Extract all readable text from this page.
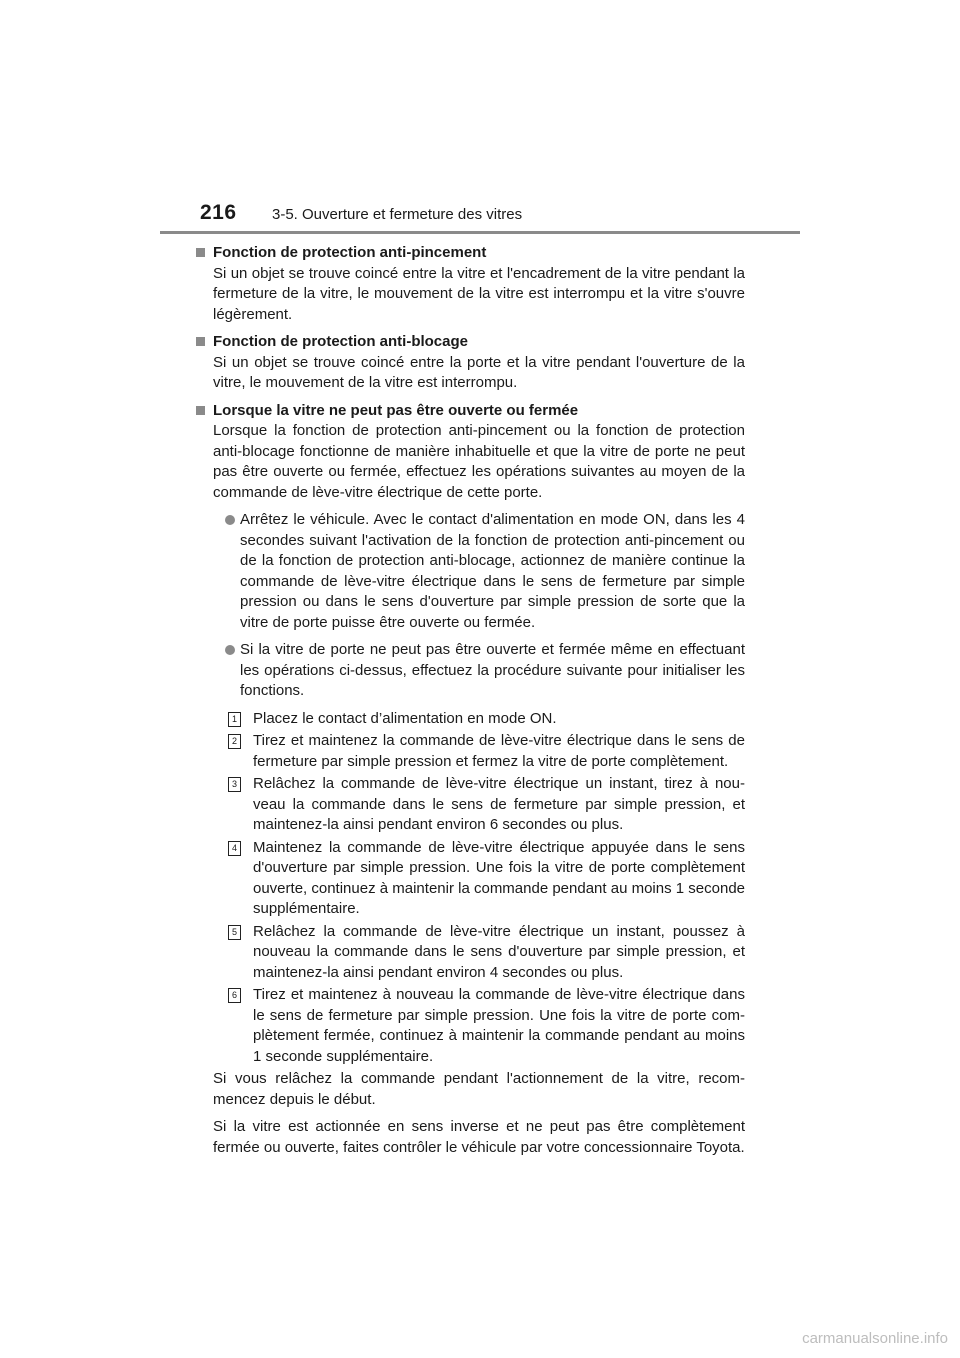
216 3-5. Ouverture et fermeture des vitres
Fonction de protection anti-pincement

Si un objet se trouve coincé entre la vitre et l'encadrement de la vitre pendant la fermeture de la vitre, le mouvement de la vitre est interrompu et la vitre s'ouvre légèrement.

Fonction de protection anti-blocage

Si un objet se trouve coincé entre la porte et la vitre pendant l'ouverture de la vitre, le mouvement de la vitre est interrompu.

Lorsque la vitre ne peut pas être ouverte ou fermée

Lorsque la fonction de protection anti-pincement ou la fonction de protection anti-blocage fonctionne de manière inhabituelle et que la vitre de porte ne peut pas être ouverte ou fermée, effectuez les opérations suivantes au moyen de la commande de lève-vitre électrique de cette porte.

Arrêtez le véhicule. Avec le contact d'alimentation en mode ON, dans les 4 secondes suivant l'activation de la fonction de protection anti-pincement ou de la fonction de protection anti-blocage, actionnez de manière continue la commande de lève-vitre électrique dans le sens de fermeture par simple pression ou dans le sens d'ouverture par simple pression de sorte que la vitre de porte puisse être ouverte ou fermée.
Si la vitre de porte ne peut pas être ouverte et fermée même en effectuant les opérations ci-dessus, effectuez la procédure suivante pour initialiser les fonctions.
1 Placez le contact d’alimentation en mode ON.
2 Tirez et maintenez la commande de lève-vitre électrique dans le sens de fermeture par simple pression et fermez la vitre de porte complètement.
3 Relâchez la commande de lève-vitre électrique un instant, tirez à nou-veau la commande dans le sens de fermeture par simple pression, et maintenez-la ainsi pendant environ 6 secondes ou plus.
4 Maintenez la commande de lève-vitre électrique appuyée dans le sens d'ouverture par simple pression. Une fois la vitre de porte complètement ouverte, continuez à maintenir la commande pendant au moins 1 seconde supplémentaire.
5 Relâchez la commande de lève-vitre électrique un instant, poussez à nouveau la commande dans le sens d'ouverture par simple pression, et maintenez-la ainsi pendant environ 4 secondes ou plus.
6 Tirez et maintenez à nouveau la commande de lève-vitre électrique dans le sens de fermeture par simple pression. Une fois la vitre de porte com-plètement fermée, continuez à maintenir la commande pendant au moins 1 seconde supplémentaire.

Si vous relâchez la commande pendant l'actionnement de la vitre, recom-mencez depuis le début.

Si la vitre est actionnée en sens inverse et ne peut pas être complètement fermée ou ouverte, faites contrôler le véhicule par votre concessionnaire Toyota.

carmanualsonline.info
